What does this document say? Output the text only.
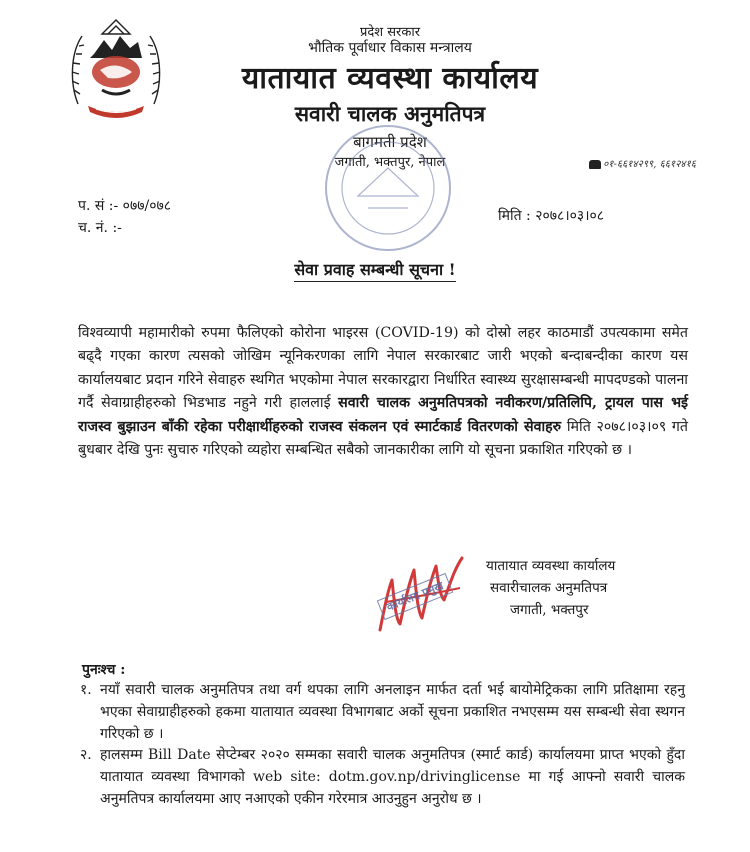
प्रदेश सरकार
भौतिक पूर्वाधार विकास मन्त्रालय
यातायात व्यवस्था कार्यालय
सवारी चालक अनुमतिपत्र
बागमती प्रदेश
जगाती, भक्तपुर, नेपाल	०१-६६१४२९९, ६६१२४१६
प. सं :- ०७७/०७८
च. नं. :-
मिति : २०७८।०३।०८
सेवा प्रवाह सम्बन्धी सूचना !
विश्वव्यापी महामारीको रुपमा फैलिएको कोरोना भाइरस (COVID-19) को दोस्रो लहर काठमाडौं उपत्यकामा समेत बढ्दै गएका कारण त्यसको जोखिम न्यूनिकरणका लागि नेपाल सरकारबाट जारी भएको बन्दाबन्दीका कारण यस कार्यालयबाट प्रदान गरिने सेवाहरु स्थगित भएकोमा नेपाल सरकारद्वारा निर्धारित स्वास्थ्य सुरक्षासम्बन्धी मापदण्डको पालना गर्दै सेवाग्राहीहरुको भिडभाड नहुने गरी हाललाई सवारी चालक अनुमतिपत्रको नवीकरण/प्रतिलिपि, ट्रायल पास भई राजस्व बुझाउन बाँकी रहेका परीक्षार्थीहरुको राजस्व संकलन एवं स्मार्टकार्ड वितरणको सेवाहरु मिति २०७८।०३।०९ गते बुधबार देखि पुनः सुचारु गरिएको व्यहोरा सम्बन्धित सबैको जानकारीका लागि यो सूचना प्रकाशित गरिएको छ ।
कार्यालय प्रमुख
यातायात व्यवस्था कार्यालय
सवारीचालक अनुमतिपत्र
जगाती, भक्तपुर
पुनःश्च :
१. नयाँ सवारी चालक अनुमतिपत्र तथा वर्ग थपका लागि अनलाइन मार्फत दर्ता भई बायोमेट्रिकका लागि प्रतिक्षामा रहनु भएका सेवाग्राहीहरुको हकमा यातायात व्यवस्था विभागबाट अर्को सूचना प्रकाशित नभएसम्म यस सम्बन्धी सेवा स्थगन गरिएको छ ।
२. हालसम्म Bill Date सेप्टेम्बर २०२० सम्मका सवारी चालक अनुमतिपत्र (स्मार्ट कार्ड) कार्यालयमा प्राप्त भएको हुँदा यातायात व्यवस्था विभागको web site: dotm.gov.np/drivinglicense मा गई आफ्नो सवारी चालक अनुमतिपत्र कार्यालयमा आए नआएको एकीन गरेरमात्र आउनुहुन अनुरोध छ ।
